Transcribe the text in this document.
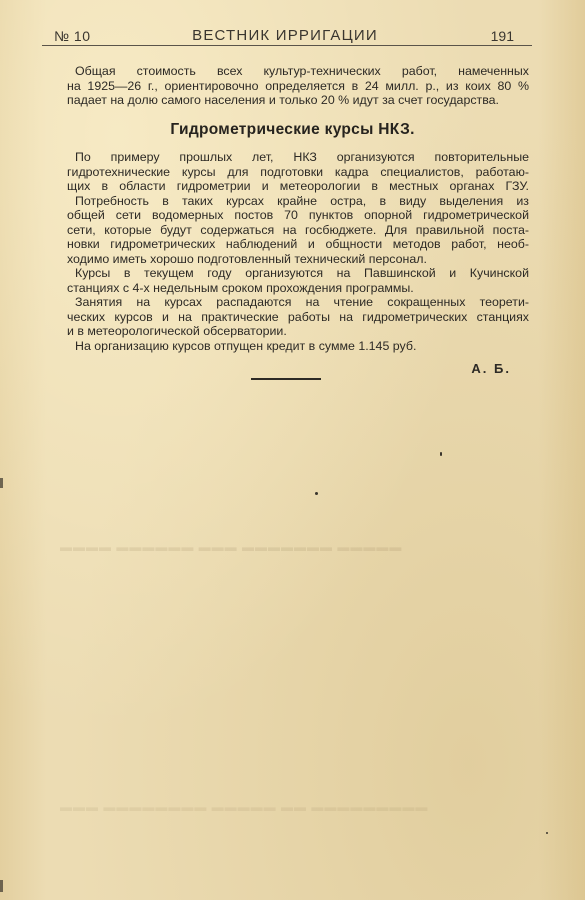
№ 10	ВЕСТНИК ИРРИГАЦИИ	191
▬▬▬▬ ▬▬▬▬▬▬ ▬▬▬ ▬▬▬▬▬▬▬ ▬▬▬▬▬
▬▬▬ ▬▬▬▬▬▬▬▬ ▬▬▬▬▬ ▬▬ ▬▬▬▬▬▬▬▬▬

Общая стоимость всех культур-технических работ, намеченных

на 1925—26 г., ориентировочно определяется в 24 милл. р., из коих 80 %

падает на долю самого населения и только 20 % идут за счет государства.

Гидрометрические курсы НКЗ.

По примеру прошлых лет, НКЗ организуются повторительные

гидротехнические курсы для подготовки кадра специалистов, работаю-

щих в области гидрометрии и метеорологии в местных органах ГЗУ.

Потребность в таких курсах крайне остра, в виду выделения из

общей сети водомерных постов 70 пунктов опорной гидрометрической

сети, которые будут содержаться на госбюджете. Для правильной поста-

новки гидрометрических наблюдений и общности методов работ, необ-

ходимо иметь хорошо подготовленный технический персонал.

Курсы в текущем году организуются на Павшинской и Кучинской

станциях с 4-х недельным сроком прохождения программы.

Занятия на курсах распадаются на чтение сокращенных теорети-

ческих курсов и на практические работы на гидрометрических станциях

и в метеорологической обсерватории.

На организацию курсов отпущен кредит в сумме 1.145 руб.

А. Б.
